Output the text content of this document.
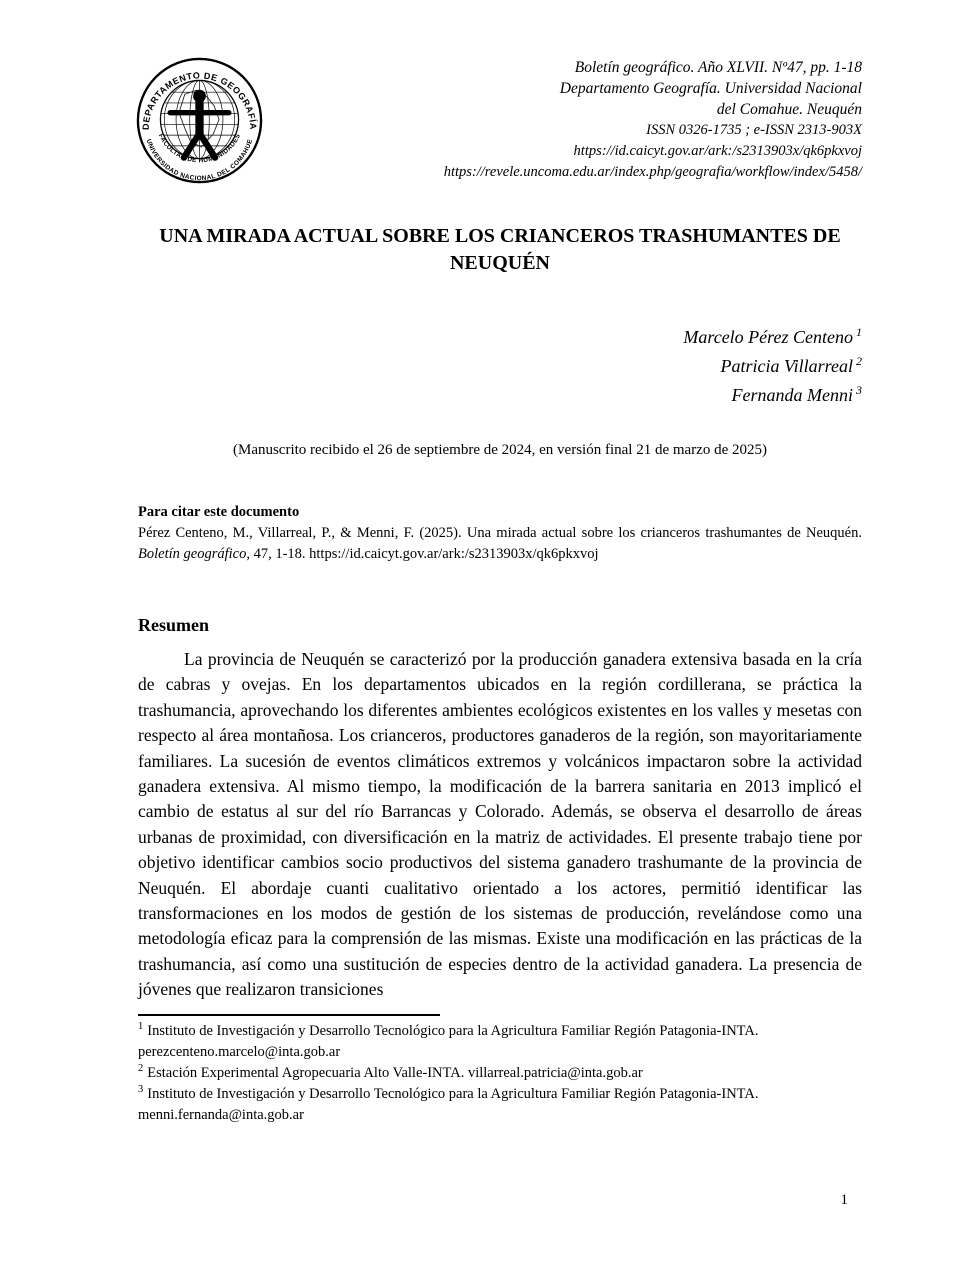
DEPARTAMENTO DE GEOGRAFÍA
FACULTAD DE HUMANIDADES
UNIVERSIDAD NACIONAL DEL COMAHUE
Boletín geográfico. Año XLVII. Nº47, pp. 1-18
Departamento Geografía. Universidad Nacional
del Comahue. Neuquén
ISSN 0326-1735 ; e-ISSN 2313-903X
https://id.caicyt.gov.ar/ark:/s2313903x/qk6pkxvoj
https://revele.uncoma.edu.ar/index.php/geografia/workflow/index/5458/
UNA MIRADA ACTUAL SOBRE LOS CRIANCEROS TRASHUMANTES DE NEUQUÉN
Marcelo Pérez Centeno $^1$
Patricia Villarreal $^2$
Fernanda Menni $^3$
(Manuscrito recibido el 26 de septiembre de 2024, en versión final 21 de marzo de 2025)
Para citar este documento
Pérez Centeno, M., Villarreal, P., & Menni, F. (2025). Una mirada actual sobre los crianceros trashumantes de Neuquén. Boletín geográfico, 47, 1-18. https://id.caicyt.gov.ar/ark:/s2313903x/qk6pkxvoj
Resumen

La provincia de Neuquén se caracterizó por la producción ganadera extensiva basada en la cría de cabras y ovejas. En los departamentos ubicados en la región cordillerana, se práctica la trashumancia, aprovechando los diferentes ambientes ecológicos existentes en los valles y mesetas con respecto al área montañosa. Los crianceros, productores ganaderos de la región, son mayoritariamente familiares. La sucesión de eventos climáticos extremos y volcánicos impactaron sobre la actividad ganadera extensiva. Al mismo tiempo, la modificación de la barrera sanitaria en 2013 implicó el cambio de estatus al sur del río Barrancas y Colorado. Además, se observa el desarrollo de áreas urbanas de proximidad, con diversificación en la matriz de actividades. El presente trabajo tiene por objetivo identificar cambios socio productivos del sistema ganadero trashumante de la provincia de Neuquén. El abordaje cuanti cualitativo orientado a los actores, permitió identificar las transformaciones en los modos de gestión de los sistemas de producción, revelándose como una metodología eficaz para la comprensión de las mismas. Existe una modificación en las prácticas de la trashumancia, así como una sustitución de especies dentro de la actividad ganadera. La presencia de jóvenes que realizaron transiciones

$^1$ Instituto de Investigación y Desarrollo Tecnológico para la Agricultura Familiar Región Patagonia-INTA. perezcenteno.marcelo@inta.gob.ar
$^2$ Estación Experimental Agropecuaria Alto Valle-INTA. villarreal.patricia@inta.gob.ar
$^3$ Instituto de Investigación y Desarrollo Tecnológico para la Agricultura Familiar Región Patagonia-INTA. menni.fernanda@inta.gob.ar
1
